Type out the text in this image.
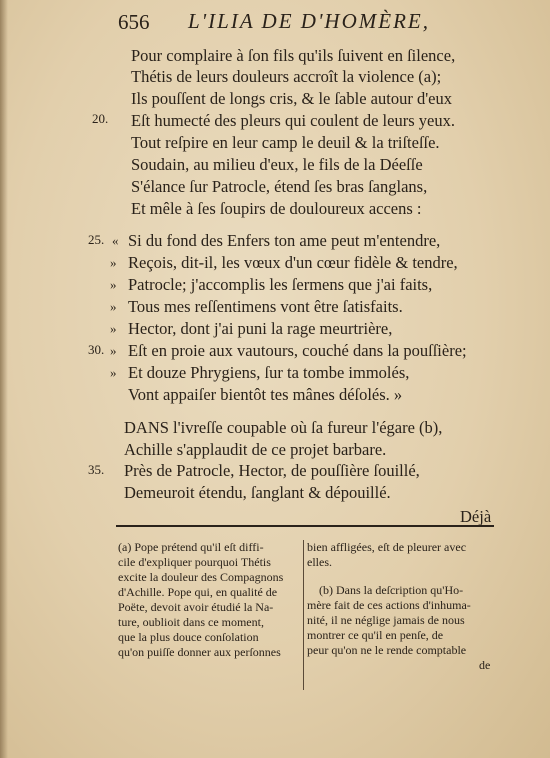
656 L'ILIA DE D'HOMÈRE,
Pour complaire à ſon fils qu'ils ſuivent en ſilence,
Thétis de leurs douleurs accroît la violence (a);
Ils pouſſent de longs cris, & le ſable autour d'eux
20. Eſt humecté des pleurs qui coulent de leurs yeux.
Tout reſpire en leur camp le deuil & la triſteſſe.
Soudain, au milieu d'eux, le fils de la Déeſſe
S'élance ſur Patrocle, étend ſes bras ſanglans,
Et mêle à ſes ſoupirs de douloureux accens :
25. « Si du fond des Enfers ton ame peut m'entendre,
» Reçois, dit-il, les vœux d'un cœur fidèle & tendre,
» Patrocle; j'accomplis les ſermens que j'ai faits,
» Tous mes reſſentimens vont être ſatisfaits.
» Hector, dont j'ai puni la rage meurtrière,
30. » Eſt en proie aux vautours, couché dans la pouſſière;
» Et douze Phrygiens, ſur ta tombe immolés,
Vont appaiſer bientôt tes mânes déſolés. »
DANS l'ivreſſe coupable où ſa fureur l'égare (b),
Achille s'applaudit de ce projet barbare.
35. Près de Patrocle, Hector, de pouſſière ſouillé,
Demeuroit étendu, ſanglant & dépouillé.
Déjà
(a) Pope prétend qu'il eſt diffi-
cile d'expliquer pourquoi Thétis
excite la douleur des Compagnons
d'Achille. Pope qui, en qualité de
Poëte, devoit avoir étudié la Na-
ture, oublioit dans ce moment,
que la plus douce conſolation
qu'on puiſſe donner aux perſonnes
bien affligées, eſt de pleurer avec
elles.
(b) Dans la deſcription qu'Ho-
mère fait de ces actions d'inhuma-
nité, il ne néglige jamais de nous
montrer ce qu'il en penſe, de
peur qu'on ne le rende comptable
de
